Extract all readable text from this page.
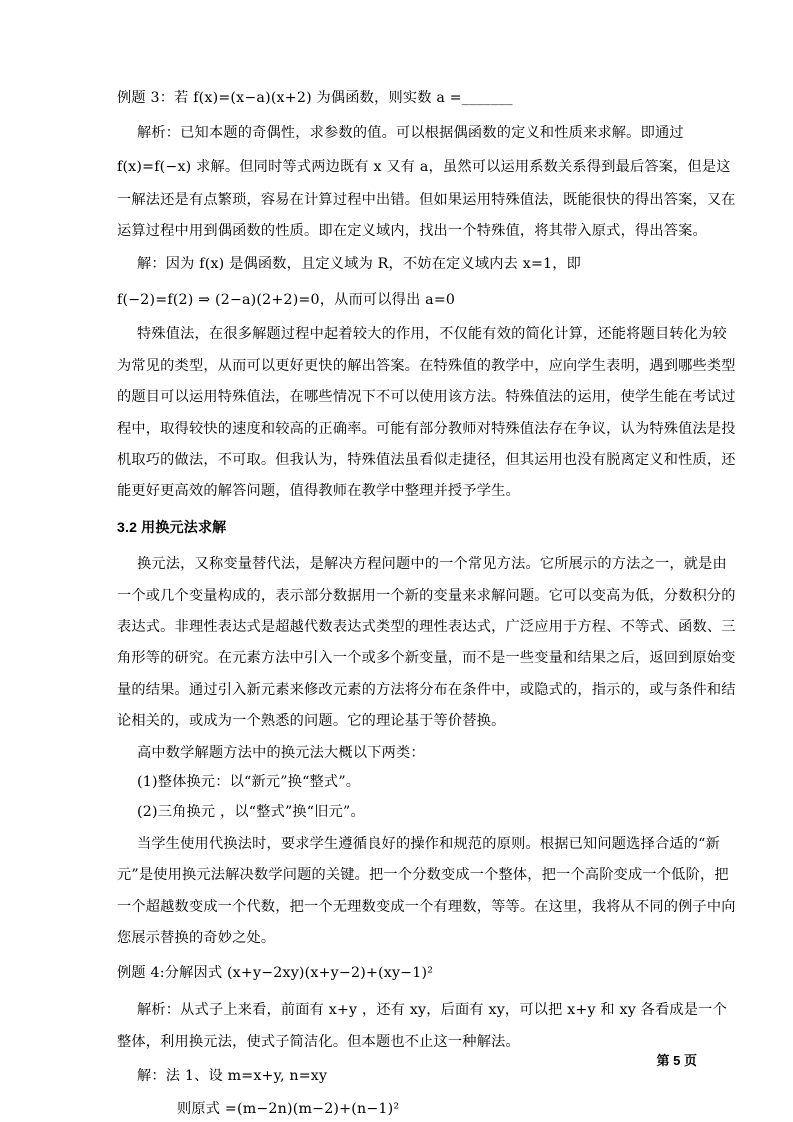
例题 3：若 f(x)=(x−a)(x+2) 为偶函数，则实数 a =_______
解析：已知本题的奇偶性，求参数的值。可以根据偶函数的定义和性质来求解。即通过
f(x)=f(−x) 求解。但同时等式两边既有 x 又有 a，虽然可以运用系数关系得到最后答案，但是这
一解法还是有点繁琐，容易在计算过程中出错。但如果运用特殊值法，既能很快的得出答案，又在
运算过程中用到偶函数的性质。即在定义域内，找出一个特殊值，将其带入原式，得出答案。
解：因为 f(x) 是偶函数，且定义域为 R，不妨在定义域内去 x=1，即
f(−2)=f(2) ⇒ (2−a)(2+2)=0，从而可以得出 a=0
特殊值法，在很多解题过程中起着较大的作用，不仅能有效的简化计算，还能将题目转化为较
为常见的类型，从而可以更好更快的解出答案。在特殊值的教学中，应向学生表明，遇到哪些类型
的题目可以运用特殊值法，在哪些情况下不可以使用该方法。特殊值法的运用，使学生能在考试过
程中，取得较快的速度和较高的正确率。可能有部分教师对特殊值法存在争议，认为特殊值法是投
机取巧的做法，不可取。但我认为，特殊值法虽看似走捷径，但其运用也没有脱离定义和性质，还
能更好更高效的解答问题，值得教师在教学中整理并授予学生。
3.2 用换元法求解
换元法，又称变量替代法，是解决方程问题中的一个常见方法。它所展示的方法之一，就是由
一个或几个变量构成的，表示部分数据用一个新的变量来求解问题。它可以变高为低，分数积分的
表达式。非理性表达式是超越代数表达式类型的理性表达式，广泛应用于方程、不等式、函数、三
角形等的研究。在元素方法中引入一个或多个新变量，而不是一些变量和结果之后，返回到原始变
量的结果。通过引入新元素来修改元素的方法将分布在条件中，或隐式的，指示的，或与条件和结
论相关的，或成为一个熟悉的问题。它的理论基于等价替换。
高中数学解题方法中的换元法大概以下两类：
(1)整体换元：以“新元”换“整式”。
(2)三角换元 ，以“整式”换“旧元”。
当学生使用代换法时，要求学生遵循良好的操作和规范的原则。根据已知问题选择合适的“新
元”是使用换元法解决数学问题的关键。把一个分数变成一个整体，把一个高阶变成一个低阶，把
一个超越数变成一个代数，把一个无理数变成一个有理数，等等。在这里，我将从不同的例子中向
您展示替换的奇妙之处。
例题 4:分解因式 (x+y−2xy)(x+y−2)+(xy−1)²
解析：从式子上来看，前面有 x+y ，还有 xy，后面有 xy，可以把 x+y 和 xy 各看成是一个
整体，利用换元法，使式子简洁化。但本题也不止这一种解法。
解：法 1、设 m=x+y, n=xy
则原式 =(m−2n)(m−2)+(n−1)²
第 5 页
